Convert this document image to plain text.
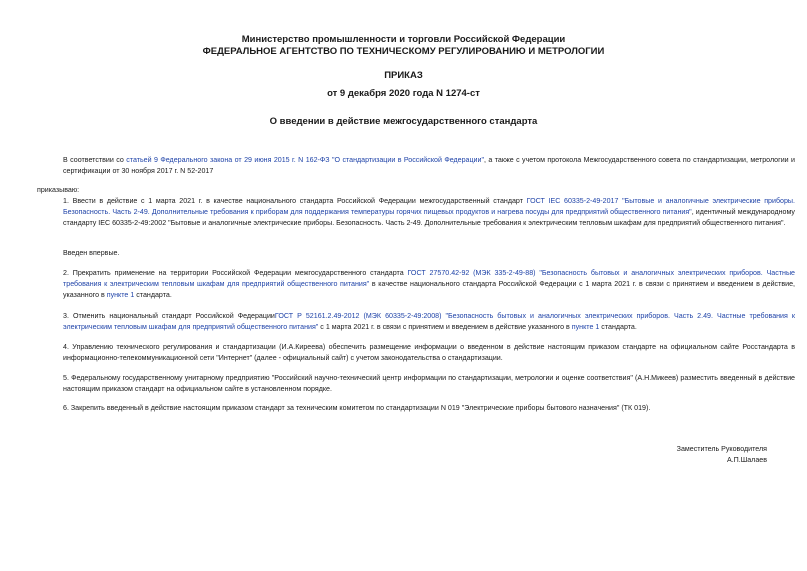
Министерство промышленности и торговли Российской Федерации
ФЕДЕРАЛЬНОЕ АГЕНТСТВО ПО ТЕХНИЧЕСКОМУ РЕГУЛИРОВАНИЮ И МЕТРОЛОГИИ
ПРИКАЗ
от 9 декабря 2020 года N 1274-ст
О введении в действие межгосударственного стандарта
В соответствии со статьей 9 Федерального закона от 29 июня 2015 г. N 162-ФЗ "О стандартизации в Российской Федерации", а также с учетом протокола Межгосударственного совета по стандартизации, метрологии и сертификации от 30 ноября 2017 г. N 52-2017
приказываю:
1. Ввести в действие с 1 марта 2021 г. в качестве национального стандарта Российской Федерации межгосударственный стандарт ГОСТ IEC 60335-2-49-2017 "Бытовые и аналогичные электрические приборы. Безопасность. Часть 2-49. Дополнительные требования к приборам для поддержания температуры горячих пищевых продуктов и нагрева посуды для предприятий общественного питания", идентичный международному стандарту IEC 60335-2-49:2002 "Бытовые и аналогичные электрические приборы. Безопасность. Часть 2-49. Дополнительные требования к электрическим тепловым шкафам для предприятий общественного питания".
Введен впервые.
2. Прекратить применение на территории Российской Федерации межгосударственного стандарта ГОСТ 27570.42-92 (МЭК 335-2-49-88) "Безопасность бытовых и аналогичных электрических приборов. Частные требования к электрическим тепловым шкафам для предприятий общественного питания" в качестве национального стандарта Российской Федерации с 1 марта 2021 г. в связи с принятием и введением в действие, указанного в пункте 1 стандарта.
3. Отменить национальный стандарт Российской ФедерацииГОСТ Р 52161.2.49-2012 (МЭК 60335-2-49:2008) "Безопасность бытовых и аналогичных электрических приборов. Часть 2.49. Частные требования к электрическим тепловым шкафам для предприятий общественного питания" с 1 марта 2021 г. в связи с принятием и введением в действие указанного в пункте 1 стандарта.
4. Управлению технического регулирования и стандартизации (И.А.Киреева) обеспечить размещение информации о введенном в действие настоящим приказом стандарте на официальном сайте Росстандарта в информационно-телекоммуникационной сети "Интернет" (далее - официальный сайт) с учетом законодательства о стандартизации.
5. Федеральному государственному унитарному предприятию "Российский научно-технический центр информации по стандартизации, метрологии и оценке соответствия" (А.Н.Микеев) разместить введенный в действие настоящим приказом стандарт на официальном сайте в установленном порядке.
6. Закрепить введенный в действие настоящим приказом стандарт за техническим комитетом по стандартизации N 019 "Электрические приборы бытового назначения" (ТК 019).
Заместитель Руководителя
А.П.Шалаев
